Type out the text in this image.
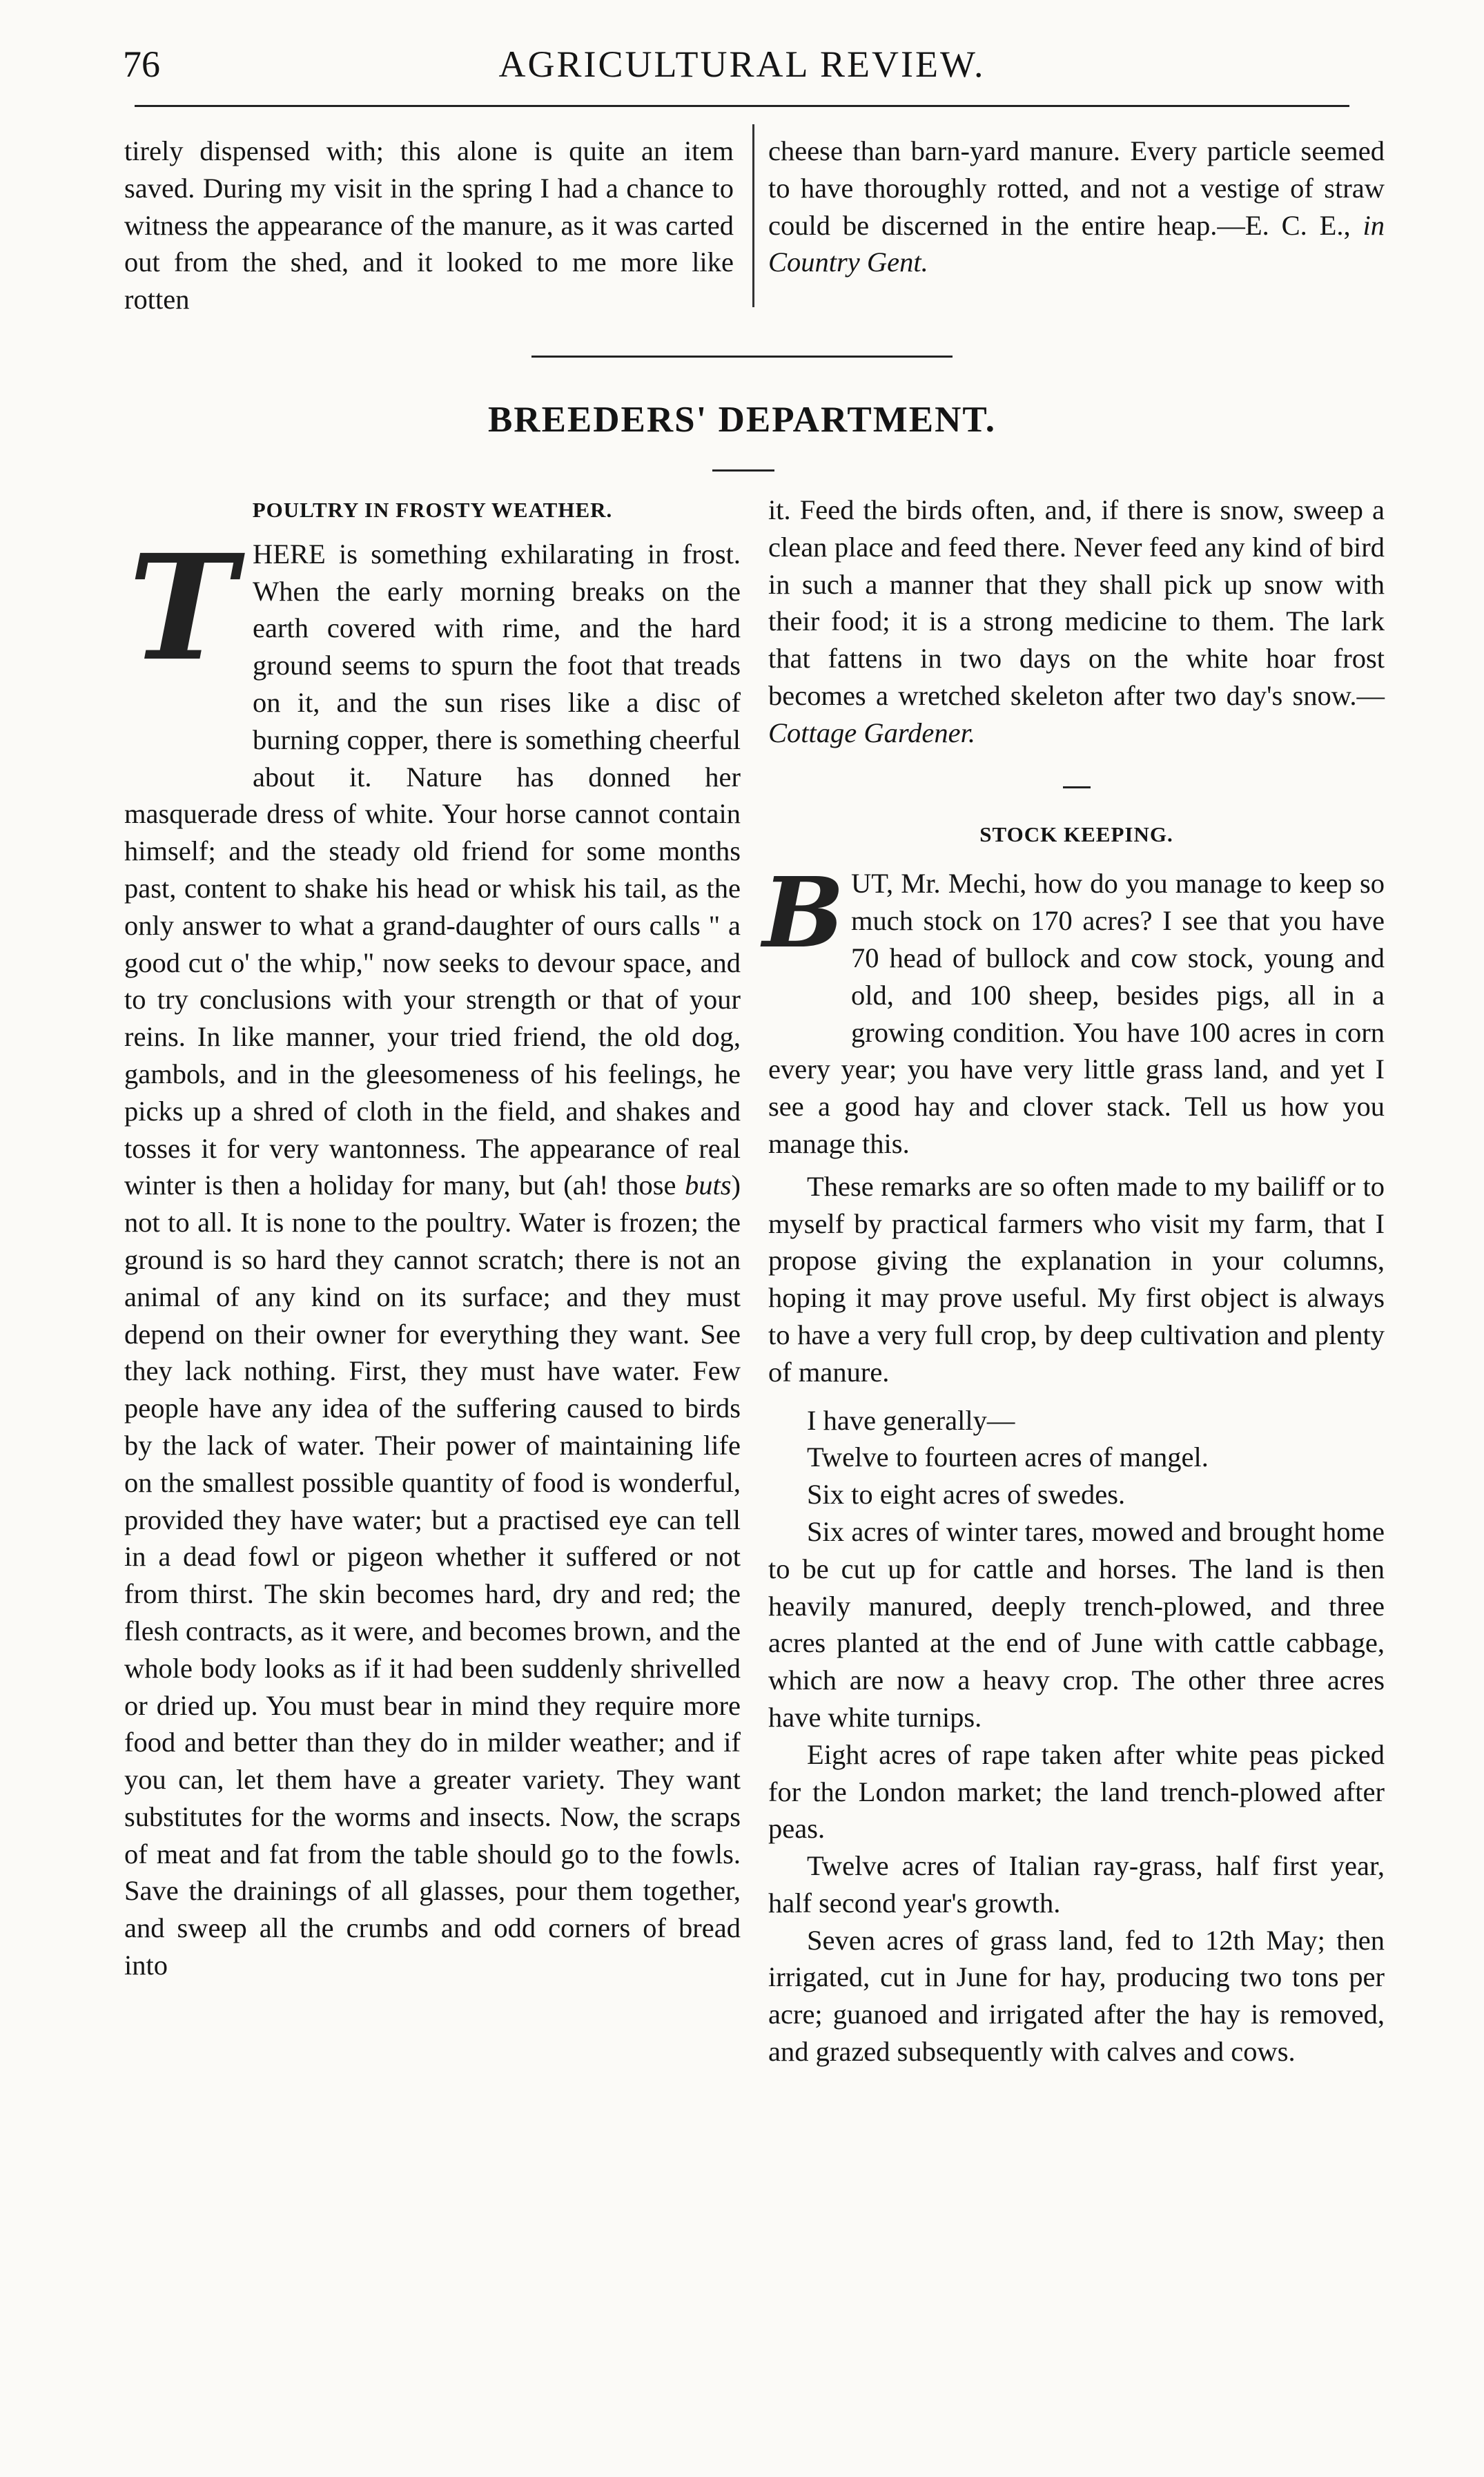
76	AGRICULTURAL REVIEW.

tirely dispensed with; this alone is quite an item saved. During my visit in the spring I had a chance to witness the appearance of the manure, as it was carted out from the shed, and it looked to me more like rotten

cheese than barn-yard manure. Every particle seemed to have thoroughly rotted, and not a vestige of straw could be discerned in the entire heap.—E. C. E., in Country Gent.

BREEDERS' DEPARTMENT.
POULTRY IN FROSTY WEATHER.
T HERE is something exhilarating in frost. When the early morning breaks on the earth covered with rime, and the hard ground seems to spurn the foot that treads on it, and the sun rises like a disc of burning copper, there is something cheerful about it. Nature has donned her masquerade dress of white. Your horse cannot contain himself; and the steady old friend for some months past, content to shake his head or whisk his tail, as the only answer to what a grand-daughter of ours calls " a good cut o' the whip," now seeks to devour space, and to try conclusions with your strength or that of your reins. In like manner, your tried friend, the old dog, gambols, and in the gleesomeness of his feelings, he picks up a shred of cloth in the field, and shakes and tosses it for very wantonness. The appearance of real winter is then a holiday for many, but (ah! those buts) not to all. It is none to the poultry. Water is frozen; the ground is so hard they cannot scratch; there is not an animal of any kind on its surface; and they must depend on their owner for everything they want. See they lack nothing. First, they must have water. Few people have any idea of the suffering caused to birds by the lack of water. Their power of maintaining life on the smallest possible quantity of food is wonderful, provided they have water; but a practised eye can tell in a dead fowl or pigeon whether it suffered or not from thirst. The skin becomes hard, dry and red; the flesh contracts, as it were, and becomes brown, and the whole body looks as if it had been suddenly shrivelled or dried up. You must bear in mind they require more food and better than they do in milder weather; and if you can, let them have a greater variety. They want substitutes for the worms and insects. Now, the scraps of meat and fat from the table should go to the fowls. Save the drainings of all glasses, pour them together, and sweep all the crumbs and odd corners of bread into

it. Feed the birds often, and, if there is snow, sweep a clean place and feed there. Never feed any kind of bird in such a manner that they shall pick up snow with their food; it is a strong medicine to them. The lark that fattens in two days on the white hoar frost becomes a wretched skeleton after two day's snow.—Cottage Gardener.

STOCK KEEPING.
B UT, Mr. Mechi, how do you manage to keep so much stock on 170 acres? I see that you have 70 head of bullock and cow stock, young and old, and 100 sheep, besides pigs, all in a growing condition. You have 100 acres in corn every year; you have very little grass land, and yet I see a good hay and clover stack. Tell us how you manage this.

These remarks are so often made to my bailiff or to myself by practical farmers who visit my farm, that I propose giving the explanation in your columns, hoping it may prove useful. My first object is always to have a very full crop, by deep cultivation and plenty of manure.

I have generally—

Twelve to fourteen acres of mangel.

Six to eight acres of swedes.

Six acres of winter tares, mowed and brought home to be cut up for cattle and horses. The land is then heavily manured, deeply trench-plowed, and three acres planted at the end of June with cattle cabbage, which are now a heavy crop. The other three acres have white turnips.

Eight acres of rape taken after white peas picked for the London market; the land trench-plowed after peas.

Twelve acres of Italian ray-grass, half first year, half second year's growth.

Seven acres of grass land, fed to 12th May; then irrigated, cut in June for hay, producing two tons per acre; guanoed and irrigated after the hay is removed, and grazed subsequently with calves and cows.
